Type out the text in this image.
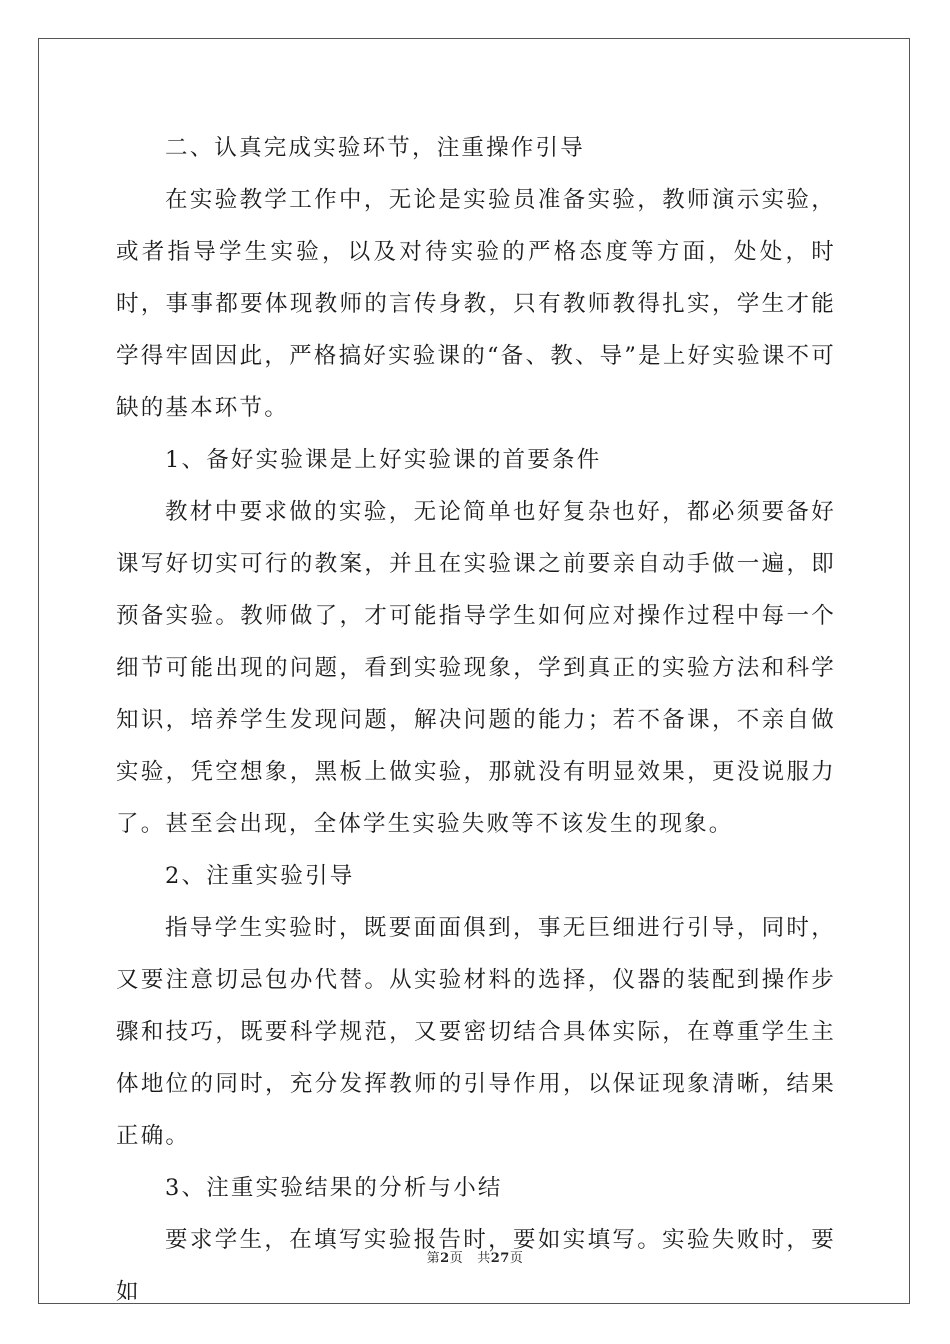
二、认真完成实验环节，注重操作引导

在实验教学工作中，无论是实验员准备实验，教师演示实验，或者指导学生实验，以及对待实验的严格态度等方面，处处，时时，事事都要体现教师的言传身教，只有教师教得扎实，学生才能学得牢固因此，严格搞好实验课的“备、教、导”是上好实验课不可缺的基本环节。

1、备好实验课是上好实验课的首要条件

教材中要求做的实验，无论简单也好复杂也好，都必须要备好课写好切实可行的教案，并且在实验课之前要亲自动手做一遍，即预备实验。教师做了，才可能指导学生如何应对操作过程中每一个细节可能出现的问题，看到实验现象，学到真正的实验方法和科学知识，培养学生发现问题，解决问题的能力；若不备课，不亲自做实验，凭空想象，黑板上做实验，那就没有明显效果，更没说服力了。甚至会出现，全体学生实验失败等不该发生的现象。

2、注重实验引导

指导学生实验时，既要面面俱到，事无巨细进行引导，同时，又要注意切忌包办代替。从实验材料的选择，仪器的装配到操作步骤和技巧，既要科学规范，又要密切结合具体实际，在尊重学生主体地位的同时，充分发挥教师的引导作用，以保证现象清晰，结果正确。

3、注重实验结果的分析与小结

要求学生，在填写实验报告时，要如实填写。实验失败时，要如

第2页 共27页
